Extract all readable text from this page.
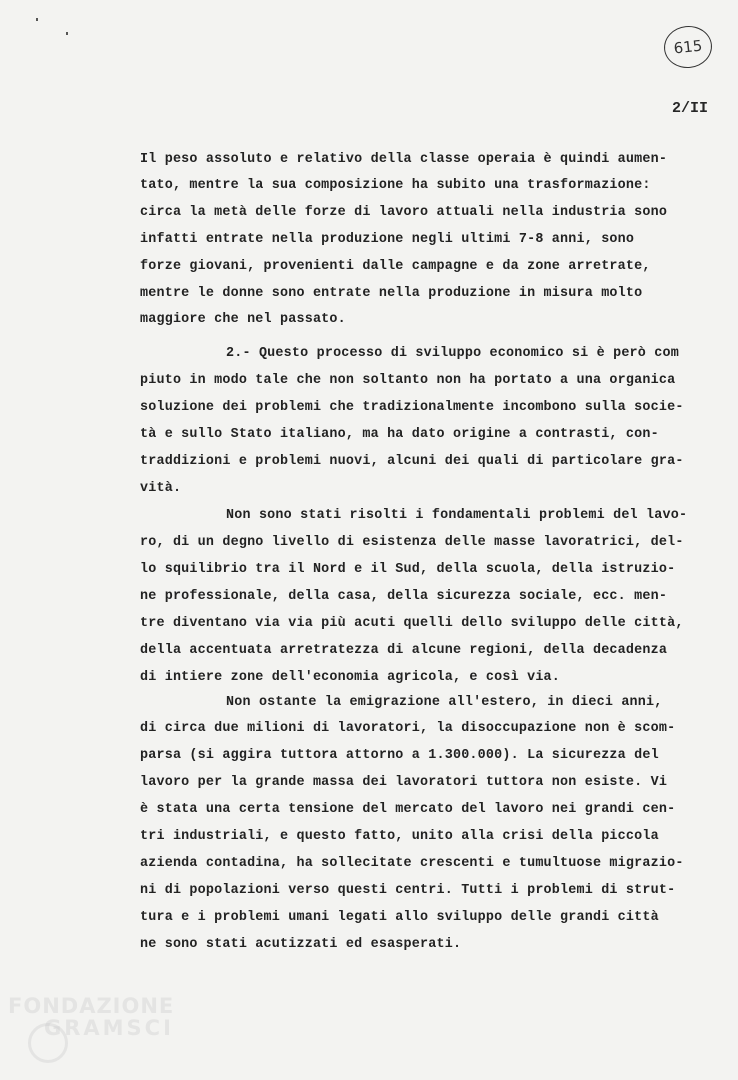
615
2/II
Il peso assoluto e relativo della classe operaia è quindi aumen-
tato, mentre la sua composizione ha subito una trasformazione:
circa la metà delle forze di lavoro attuali nella industria sono
infatti entrate nella produzione negli ultimi 7-8 anni, sono
forze giovani, provenienti dalle campagne e da zone arretrate,
mentre le donne sono entrate nella produzione in misura molto
maggiore che nel passato.
2.- Questo processo di sviluppo economico si è però com
piuto in modo tale che non soltanto non ha portato a una organica
soluzione dei problemi che tradizionalmente incombono sulla socie-
tà e sullo Stato italiano, ma ha dato origine a contrasti, con-
traddizioni e problemi nuovi, alcuni dei quali di particolare gra-
vità.
Non sono stati risolti i fondamentali problemi del lavo-
ro, di un degno livello di esistenza delle masse lavoratrici, del-
lo squilibrio tra il Nord e il Sud, della scuola, della istruzio-
ne professionale, della casa, della sicurezza sociale, ecc. men-
tre diventano via via più acuti quelli dello sviluppo delle città,
della accentuata arretratezza di alcune regioni, della decadenza
di intiere zone dell'economia agricola, e così via.
Non ostante la emigrazione all'estero, in dieci anni,
di circa due milioni di lavoratori, la disoccupazione non è scom-
parsa (si aggira tuttora attorno a 1.300.000). La sicurezza del
lavoro per la grande massa dei lavoratori tuttora non esiste. Vi
è stata una certa tensione del mercato del lavoro nei grandi cen-
tri industriali, e questo fatto, unito alla crisi della piccola
azienda contadina, ha sollecitate crescenti e tumultuose migrazio-
ni di popolazioni verso questi centri. Tutti i problemi di strut-
tura e i problemi umani legati allo sviluppo delle grandi città
ne sono stati acutizzati ed esasperati.
FONDAZIONE
GRAMSCI
